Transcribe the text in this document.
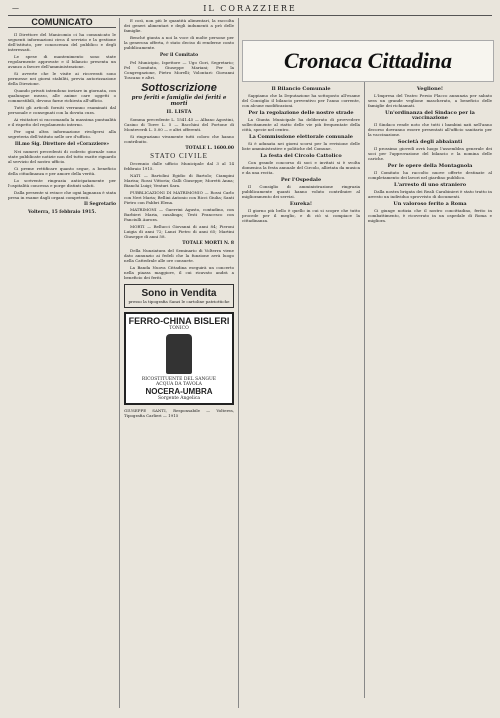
—	IL CORAZZIERE
COMUNICATO

Il Direttore del Manicomio ci ha comunicato le seguenti informazioni circa il servizio e la gestione dell'istituto, per conoscenza del pubblico e degli interessati.

Le spese di mantenimento sono state regolarmente approvate e il bilancio presenta un avanzo a favore dell'amministrazione.

Si avverte che le visite ai ricoverati sono permesse nei giorni stabiliti, previa autorizzazione della Direzione.

Quando privati intendono inviare in giornata, con qualunque mezzo, alle anime care oggetti o commestibili, devono farne richiesta all'ufficio.

Tutti gli articoli forniti verranno esaminati dal personale e consegnati con la dovuta cura.

Ai visitatori si raccomanda la massima puntualità e il rispetto del regolamento interno.

Per ogni altra informazione rivolgersi alla segreteria dell'istituto nelle ore d'ufficio.

Ill.mo Sig. Direttore del «Corazziere»

Nei numeri precedenti di codesto giornale sono state pubblicate notizie non del tutto esatte riguardo al servizio del nostro ufficio.

Ci preme rettificare quanto segue, a beneficio della cittadinanza e per amore della verità.

Lo scrivente ringrazia anticipatamente per l'ospitalità concessa e porge distinti saluti.

Dalla presente si evince che ogni lagnanza è stata presa in esame dagli organi competenti.

Il Segretario
Volterra, 15 febbraio 1915.

E così, non più le quantità alimentari, la raccolta dei generi alimentari e degli indumenti a prò delle famiglie.

Benché giunta a noi la voce di molte persone per la generosa offerta, è stato deciso di renderne conto pubblicamente.

Per il Comitato

Pel Municipio, Ispettore — Ugo Gori, Segretario; Pel Comitato, Giuseppe Mariani; Per la Congregazione, Pietro Morelli; Volontari: Giovanni Toscano e altri.

Sottoscrizione
pro feriti e famiglie dei feriti e morti
II. LISTA

Somma precedente L. 1541.45 — Albano Agostini, Casino di Torre L. 5 — Bacchini del Portone di Monteverdi L. 5.00 — e altri offerenti.

Si ringraziano vivamente tutti coloro che hanno contribuito.

TOTALE L. 1600.00
STATO CIVILE

Decennio dalle ufficio Municipale dal 3 al 14 febbraio 1915.

NATI — Bartolini Egidio di Bartolo; Ciampini Marisa; Rossi Vittoria; Galli Giuseppe; Moretti Anna; Bianchi Luigi; Venturi Sara.

PUBBLICAZIONI DI MATRIMONIO — Rossi Carlo con Neri Maria; Bellini Antonio con Ricci Giulia; Santi Pietro con Fabbri Elena.

MATRIMONI — Guerrini Agusto, contadino, con Barbieri Maria, casalinga; Testi Francesco con Fanciulli Aurora.

MORTI — Bellucci Giovanni di anni 84; Pieroni Luigia di anni 72; Lanzi Pietro di anni 65; Martini Giuseppe di anni 58.

TOTALE MORTI N. 8

Della Nunziatura del Seminario di Volterra viene dato annunzio ai fedeli che la funzione avrà luogo nella Cattedrale alle ore consuete.

La Banda Nuova Cittadina eseguirà un concerto nella piazza maggiore, il cui ricavato andrà a beneficio dei feriti.

Sono in Vendita
presso la tipografia Sanzi le cartoline patriottiche
FERRO-CHINA BISLERI
TONICO
RICOSTITUENTE DEL SANGUE
ACQUA DA TAVOLA
NOCERA-UMBRA
Sorgente Angelica
GIUSEPPE SANTI, Responsabile — Volterra, Tipografia Carlieri — 1915
Cronaca Cittadina
Il Bilancio Comunale

Sappiamo che la Deputazione ha sottoposto all'esame del Consiglio il bilancio preventivo per l'anno corrente, con alcune modificazioni.

Per la regolazione delle nostre strade

La Giunta Municipale ha deliberato di provvedere sollecitamente al riatto delle vie più frequentate della città, specie nel centro.

La Commissione elettorale comunale

Si è adunata nei giorni scorsi per la revisione delle liste amministrative e politiche del Comune.

La festa del Circolo Cattolico

Con grande concorso di soci e invitati si è svolta domenica la festa annuale del Circolo, allietata da musica e da una recita.

Per l'Ospedale

Il Consiglio di amministrazione ringrazia pubblicamente quanti hanno voluto contribuire al miglioramento dei servizi.

Eureka!

Il giorno più bello è quello in cui si scopre che tutto procede per il meglio, e di ciò si compiace la cittadinanza.

Veglione!

L'Impresa del Teatro Persio Flacco annunzia per sabato sera un grande veglione mascherato, a beneficio delle famiglie dei richiamati.

Un'ordinanza del Sindaco per la vaccinazione

Il Sindaco rende noto che tutti i bambini nati nell'anno decorso dovranno essere presentati all'ufficio sanitario per la vaccinazione.

Società degli abbaianti

Il prossimo giovedì avrà luogo l'assemblea generale dei soci per l'approvazione del bilancio e la nomina delle cariche.

Per le opere della Montagnola

Il Comitato ha raccolto nuove offerte destinate al completamento dei lavori nel giardino pubblico.

L'arresto di uno straniero

Dalla nostra brigata dei Reali Carabinieri è stato tratto in arresto un individuo sprovvisto di documenti.

Un valoroso ferito a Roma

Ci giunge notizia che il nostro concittadino, ferito in combattimento, è ricoverato in un ospedale di Roma e migliora.
